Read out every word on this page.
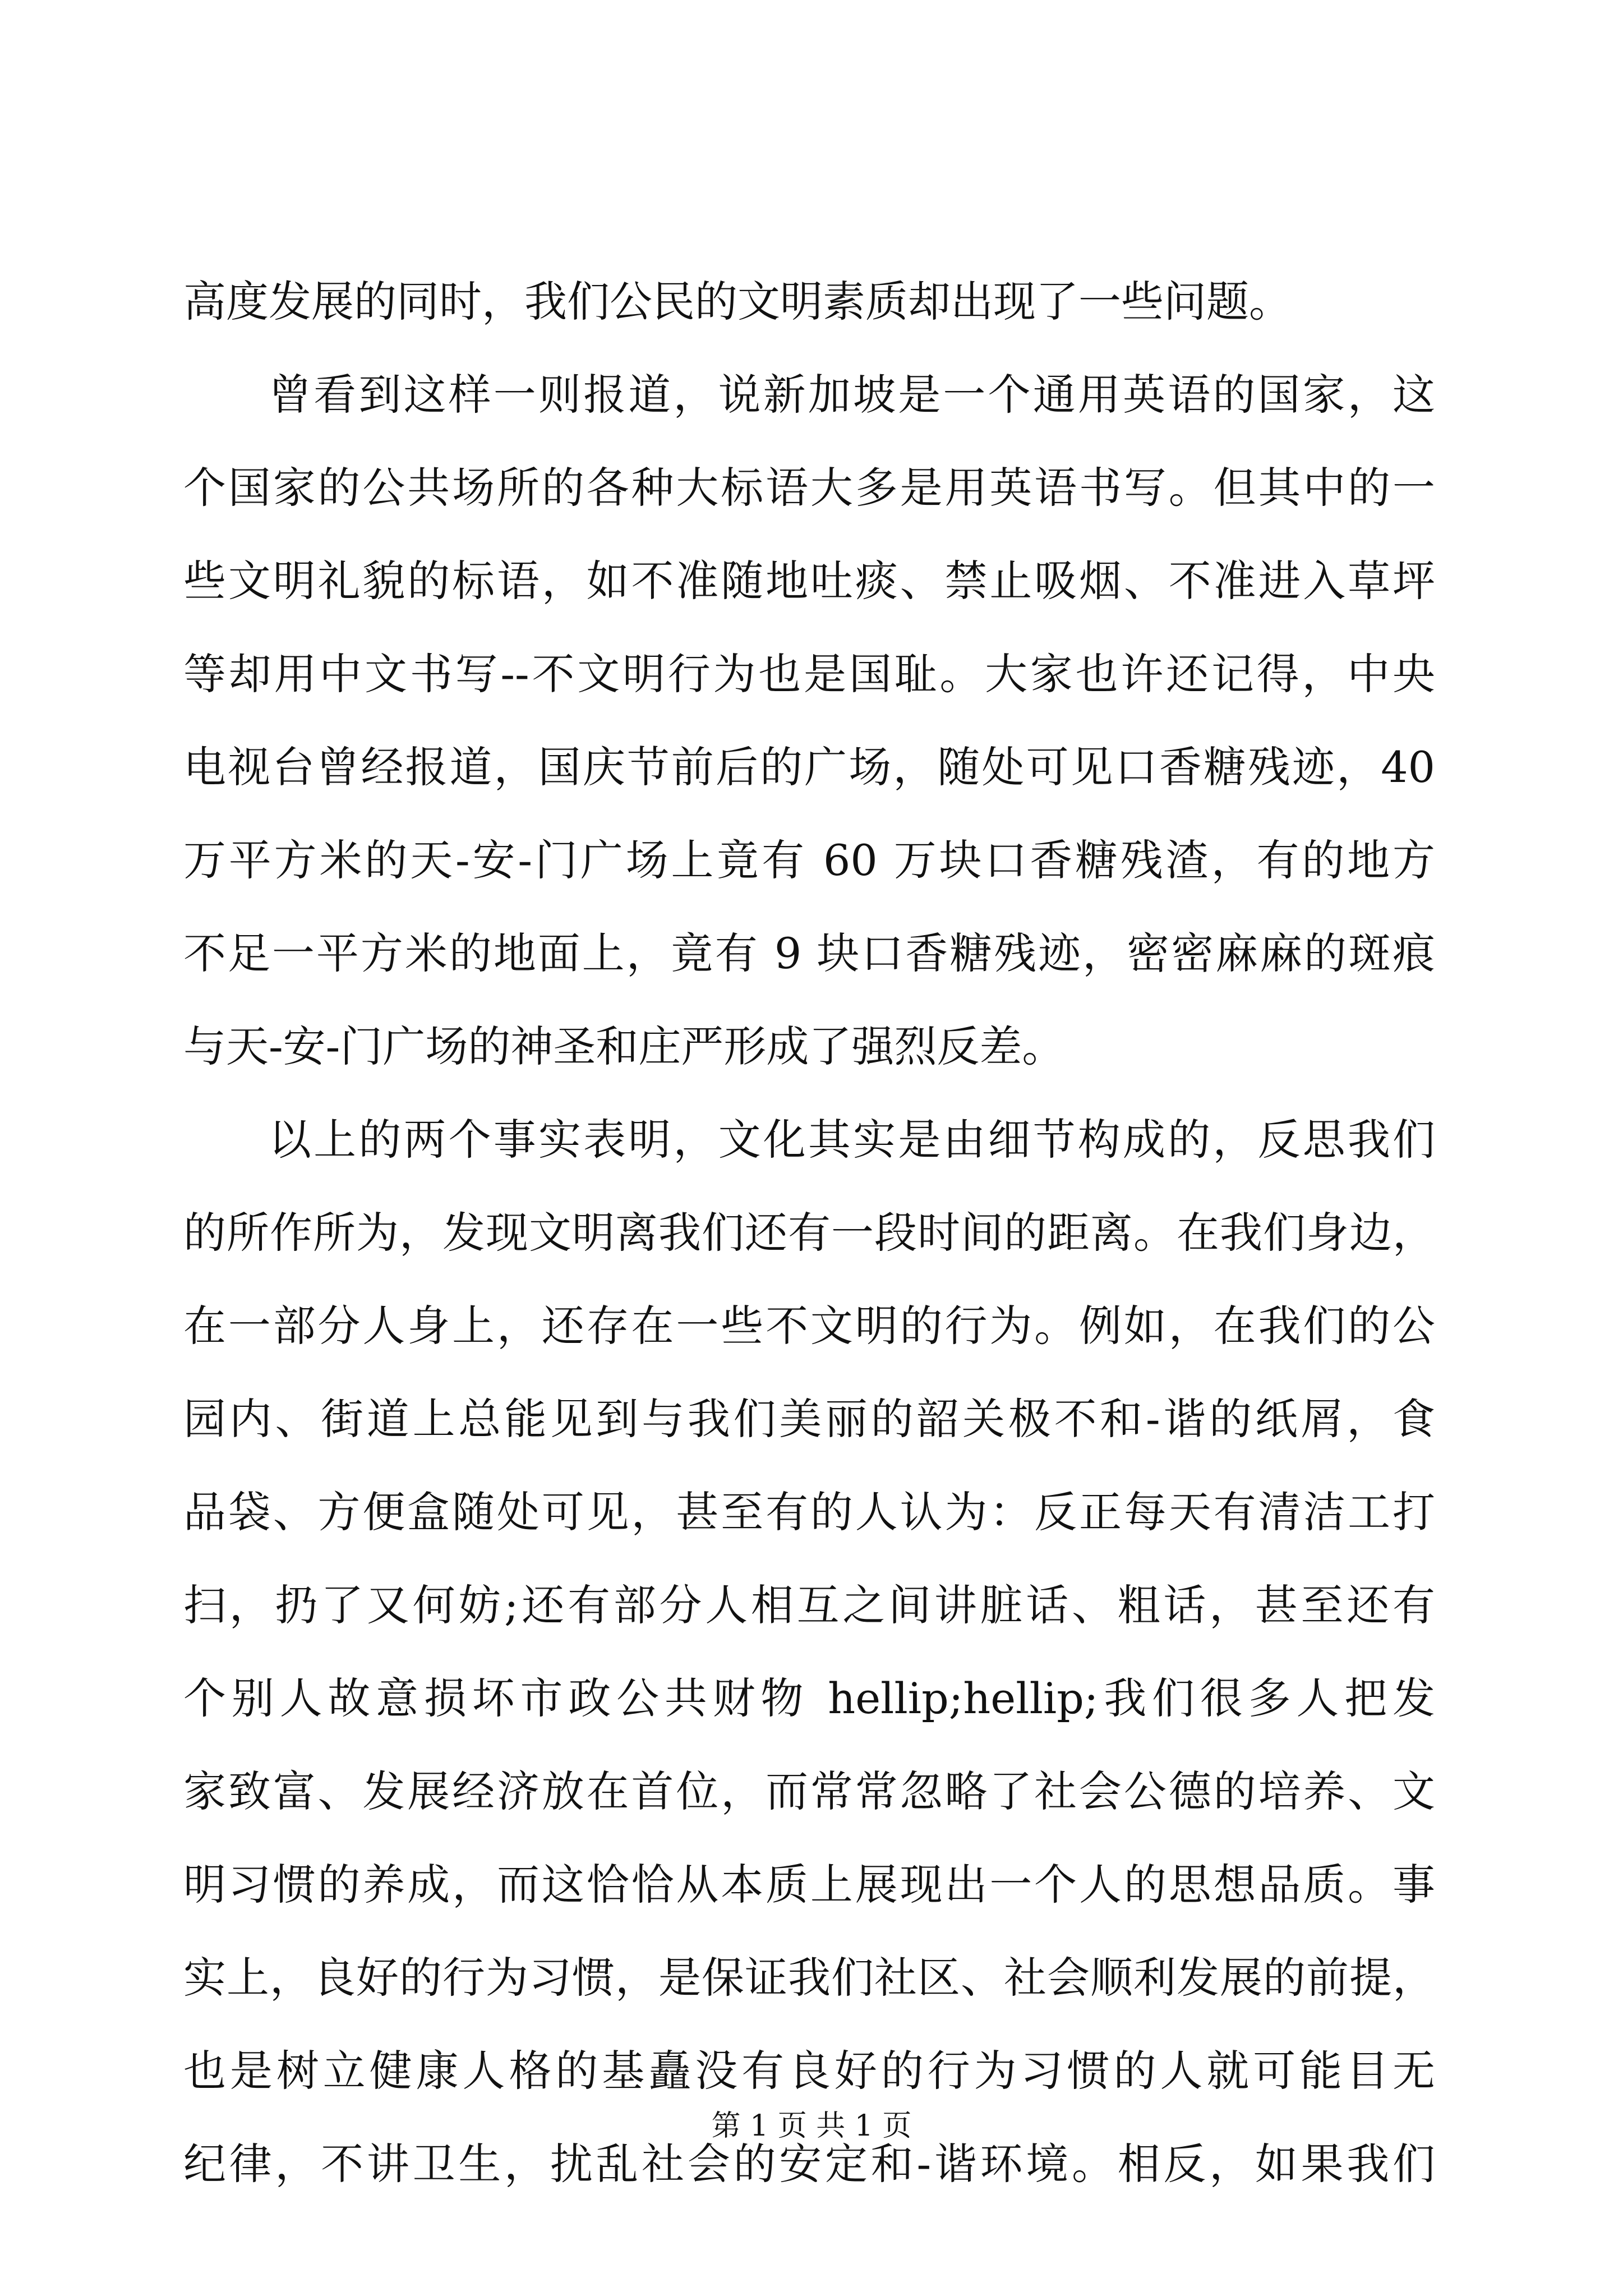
高度发展的同时，我们公民的文明素质却出现了一些问题。
曾看到这样一则报道，说新加坡是一个通用英语的国家，这
个国家的公共场所的各种大标语大多是用英语书写。但其中的一
些文明礼貌的标语，如不准随地吐痰、禁止吸烟、不准进入草坪
等却用中文书写--不文明行为也是国耻。大家也许还记得，中央
电视台曾经报道，国庆节前后的广场，随处可见口香糖残迹，40
万平方米的天-安-门广场上竟有 60 万块口香糖残渣，有的地方
不足一平方米的地面上，竟有 9 块口香糖残迹，密密麻麻的斑痕
与天-安-门广场的神圣和庄严形成了强烈反差。
以上的两个事实表明，文化其实是由细节构成的，反思我们
的所作所为，发现文明离我们还有一段时间的距离。在我们身边，
在一部分人身上，还存在一些不文明的行为。例如，在我们的公
园内、街道上总能见到与我们美丽的韶关极不和-谐的纸屑，食
品袋、方便盒随处可见，甚至有的人认为：反正每天有清洁工打
扫，扔了又何妨;还有部分人相互之间讲脏话、粗话，甚至还有
个别人故意损坏市政公共财物 hellip;hellip;我们很多人把发
家致富、发展经济放在首位，而常常忽略了社会公德的培养、文
明习惯的养成，而这恰恰从本质上展现出一个人的思想品质。事
实上，良好的行为习惯，是保证我们社区、社会顺利发展的前提，
也是树立健康人格的基矗没有良好的行为习惯的人就可能目无
纪律，不讲卫生，扰乱社会的安定和-谐环境。相反，如果我们
第 1 页 共 1 页
